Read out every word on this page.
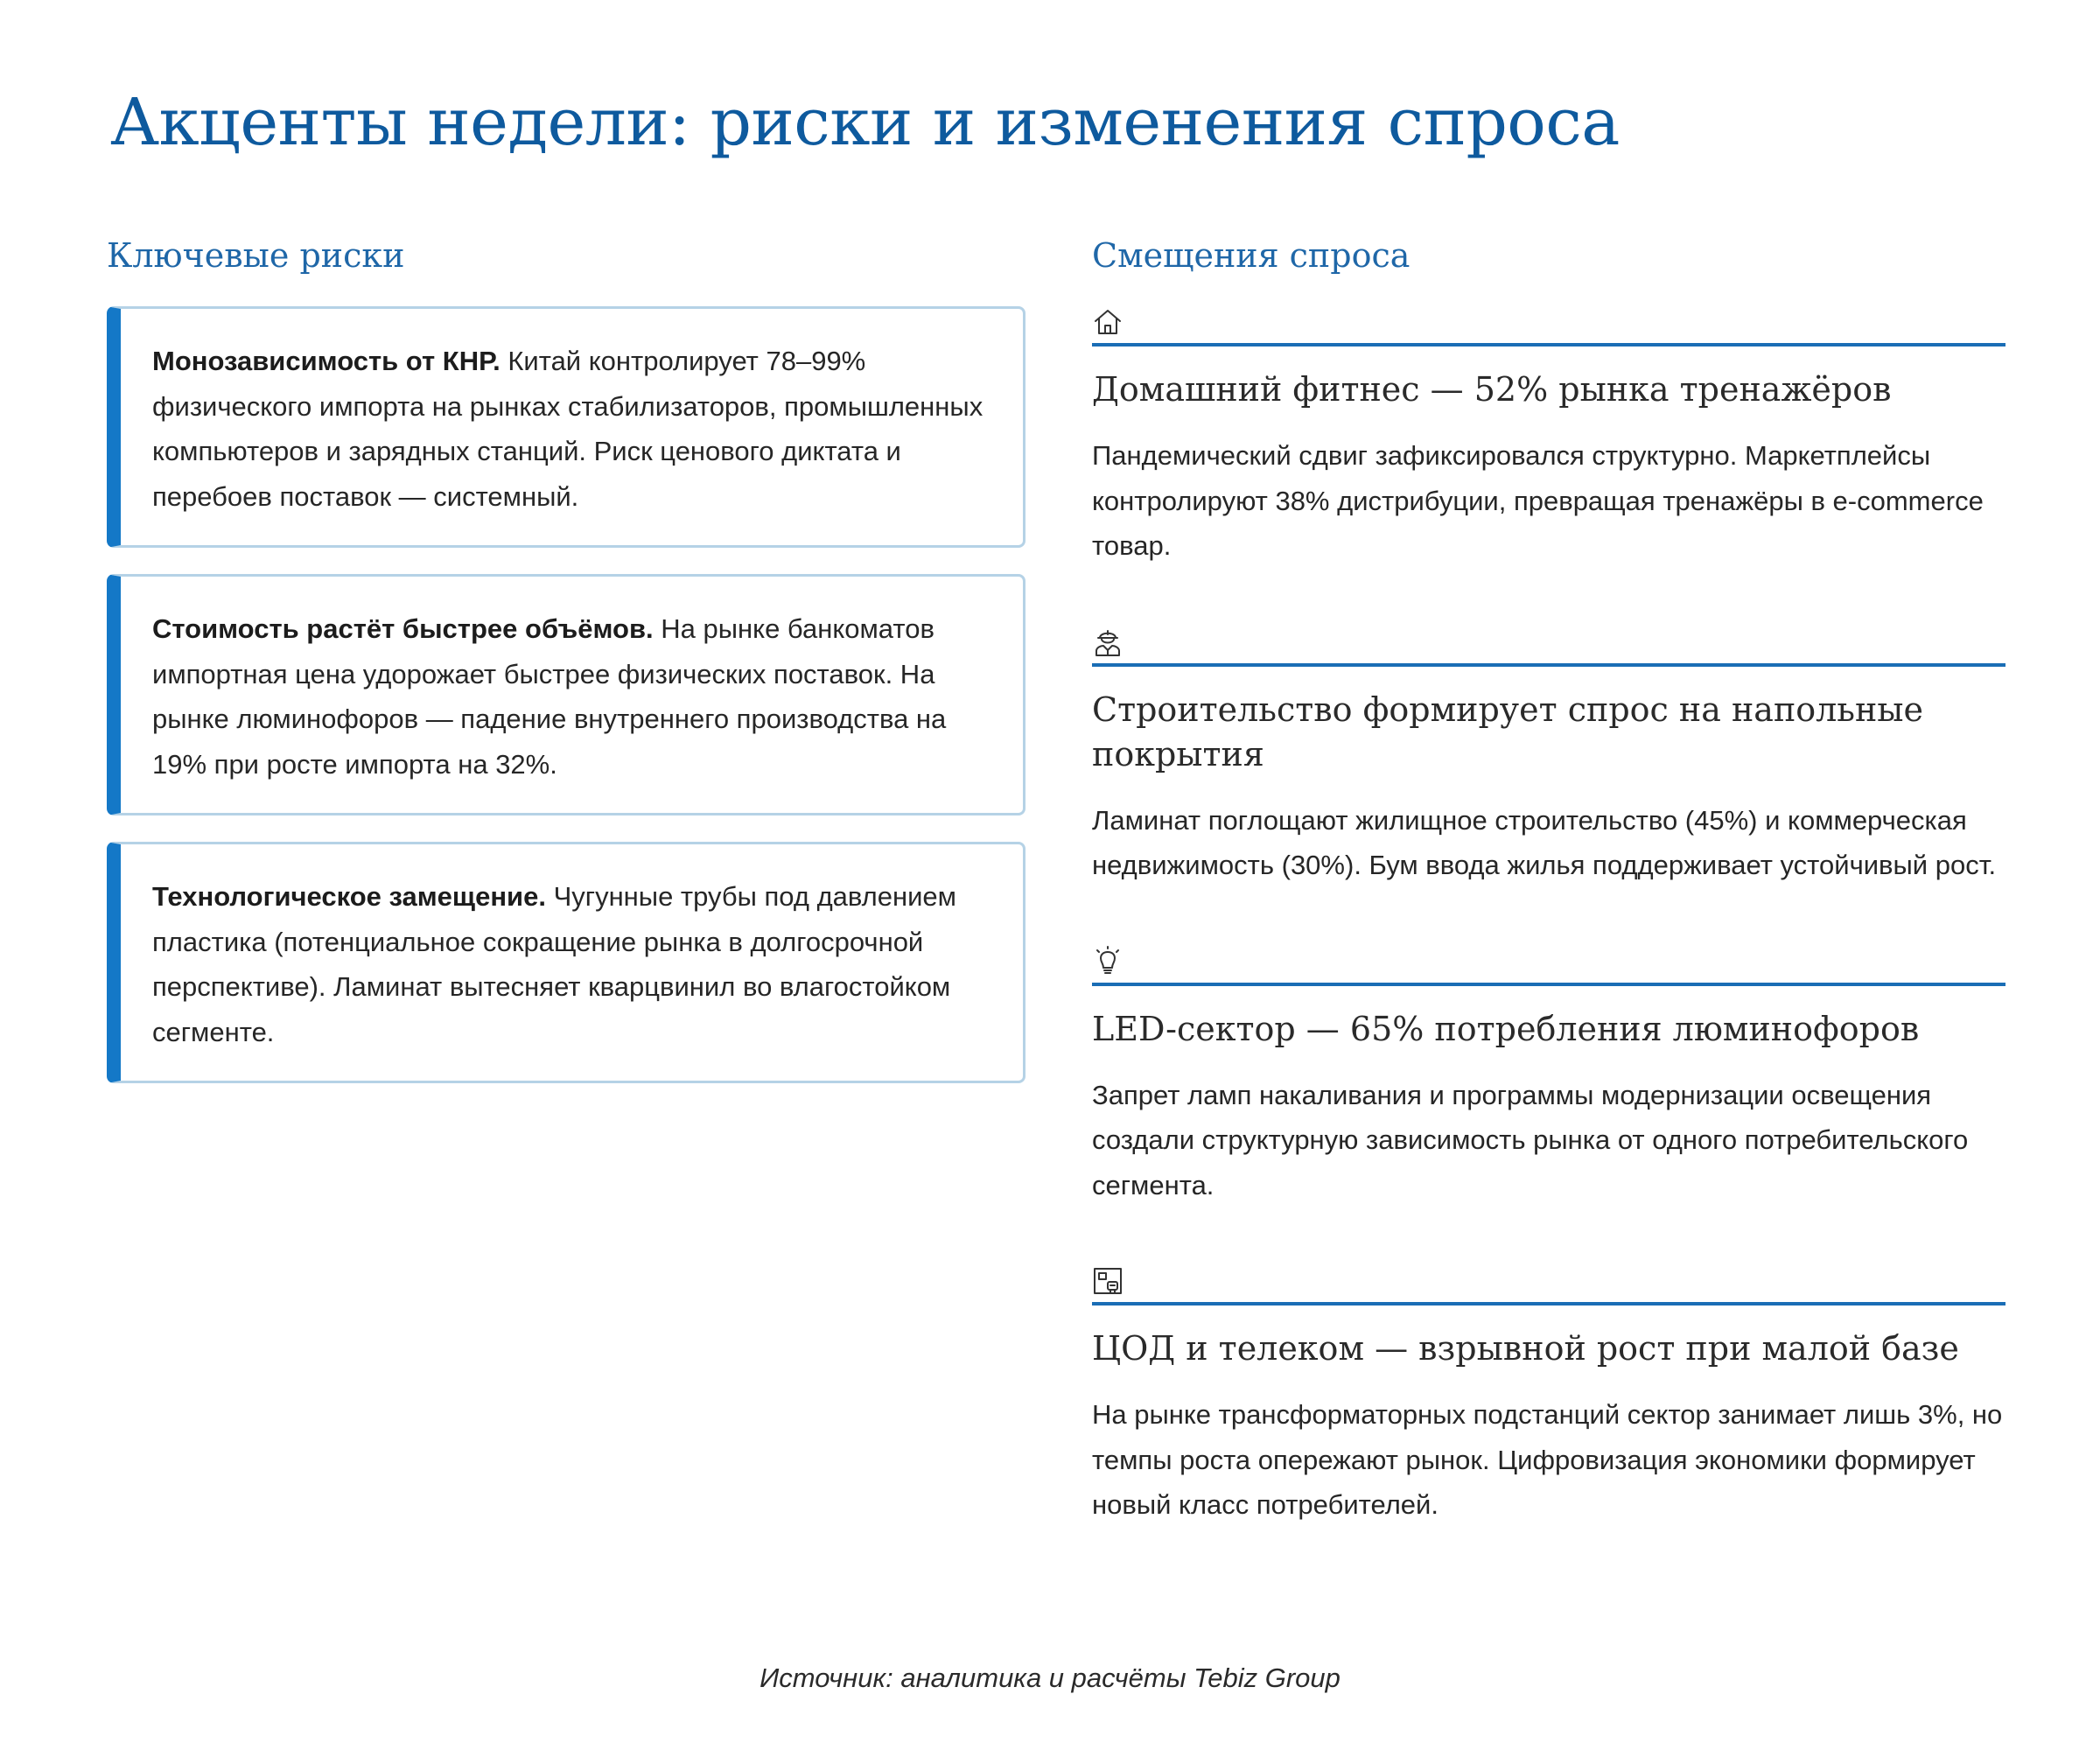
Акценты недели: риски и изменения спроса
Ключевые риски

Монозависимость от КНР. Китай контролирует 78–99% физического импорта на рынках стабилизаторов, промышленных компьютеров и зарядных станций. Риск ценового диктата и перебоев поставок — системный.

Стоимость растёт быстрее объёмов. На рынке банкоматов импортная цена удорожает быстрее физических поставок. На рынке люминофоров — падение внутреннего производства на 19% при росте импорта на 32%.

Технологическое замещение. Чугунные трубы под давлением пластика (потенциальное сокращение рынка в долгосрочной перспективе). Ламинат вытесняет кварцвинил во влагостойком сегменте.

Смещения спроса
Домашний фитнес — 52% рынка тренажёров

Пандемический сдвиг зафиксировался структурно. Маркетплейсы контролируют 38% дистрибуции, превращая тренажёры в e-commerce товар.

Строительство формирует спрос на напольные покрытия

Ламинат поглощают жилищное строительство (45%) и коммерческая недвижимость (30%). Бум ввода жилья поддерживает устойчивый рост.

LED-сектор — 65% потребления люминофоров

Запрет ламп накаливания и программы модернизации освещения создали структурную зависимость рынка от одного потребительского сегмента.

ЦОД и телеком — взрывной рост при малой базе

На рынке трансформаторных подстанций сектор занимает лишь 3%, но темпы роста опережают рынок. Цифровизация экономики формирует новый класс потребителей.

Источник: аналитика и расчёты Tebiz Group
